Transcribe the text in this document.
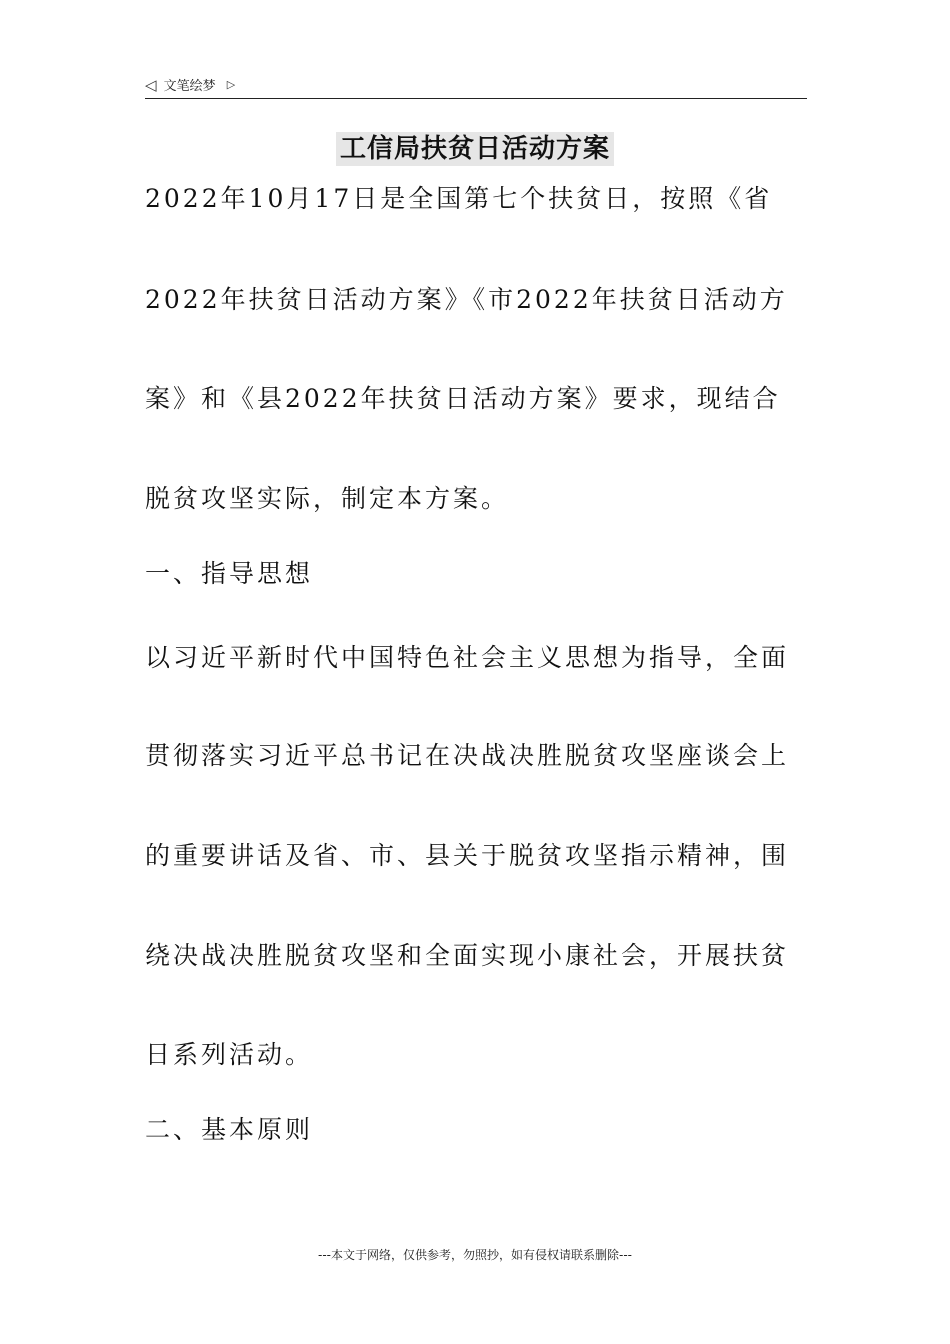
◁ 文笔绘梦 ▷
工信局扶贫日活动方案
2022年10月17日是全国第七个扶贫日，按照《省
2022年扶贫日活动方案》《市2022年扶贫日活动方
案》和《县2022年扶贫日活动方案》要求，现结合
脱贫攻坚实际，制定本方案。
一、指导思想
以习近平新时代中国特色社会主义思想为指导，全面
贯彻落实习近平总书记在决战决胜脱贫攻坚座谈会上
的重要讲话及省、市、县关于脱贫攻坚指示精神，围
绕决战决胜脱贫攻坚和全面实现小康社会，开展扶贫
日系列活动。
二、基本原则
---本文于网络，仅供参考，勿照抄，如有侵权请联系删除---
